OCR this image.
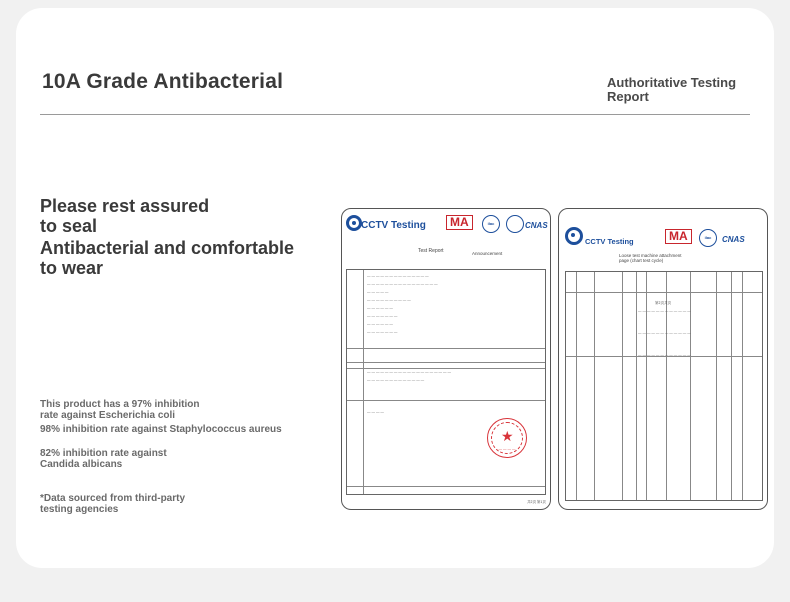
10A Grade Antibacterial	Authoritative Testing
Report
Please rest assured
to seal
Antibacterial and comfortable
to wear
This product has a 97% inhibition
rate against Escherichia coli
98% inhibition rate against Staphylococcus aureus
82% inhibition rate against
Candida albicans
*Data sourced from third-party
testing agencies
CCTV Testing	MA	ilac	CNAS
Test Report	Announcement
— — — — — — — — — — — — — —

— — — — — — — — — — — — — — — —

— — — — —

— — — — — — — — — —

— — — — — —

— — — — — — —

— — — — — —

— — — — — — —
— — — — — — — — — — — — — — — — — — —

— — — — — — — — — — — — —
— — — —
★
— — — —
共2页 第1页
CCTV Testing	MA	ilac	CNAS
Loose test machine attachment
page (chart test cycle)
— — — — — — — — — — — —
— — — — — — — — — — — —
— — — — — — — — — — — —
第2页共页
